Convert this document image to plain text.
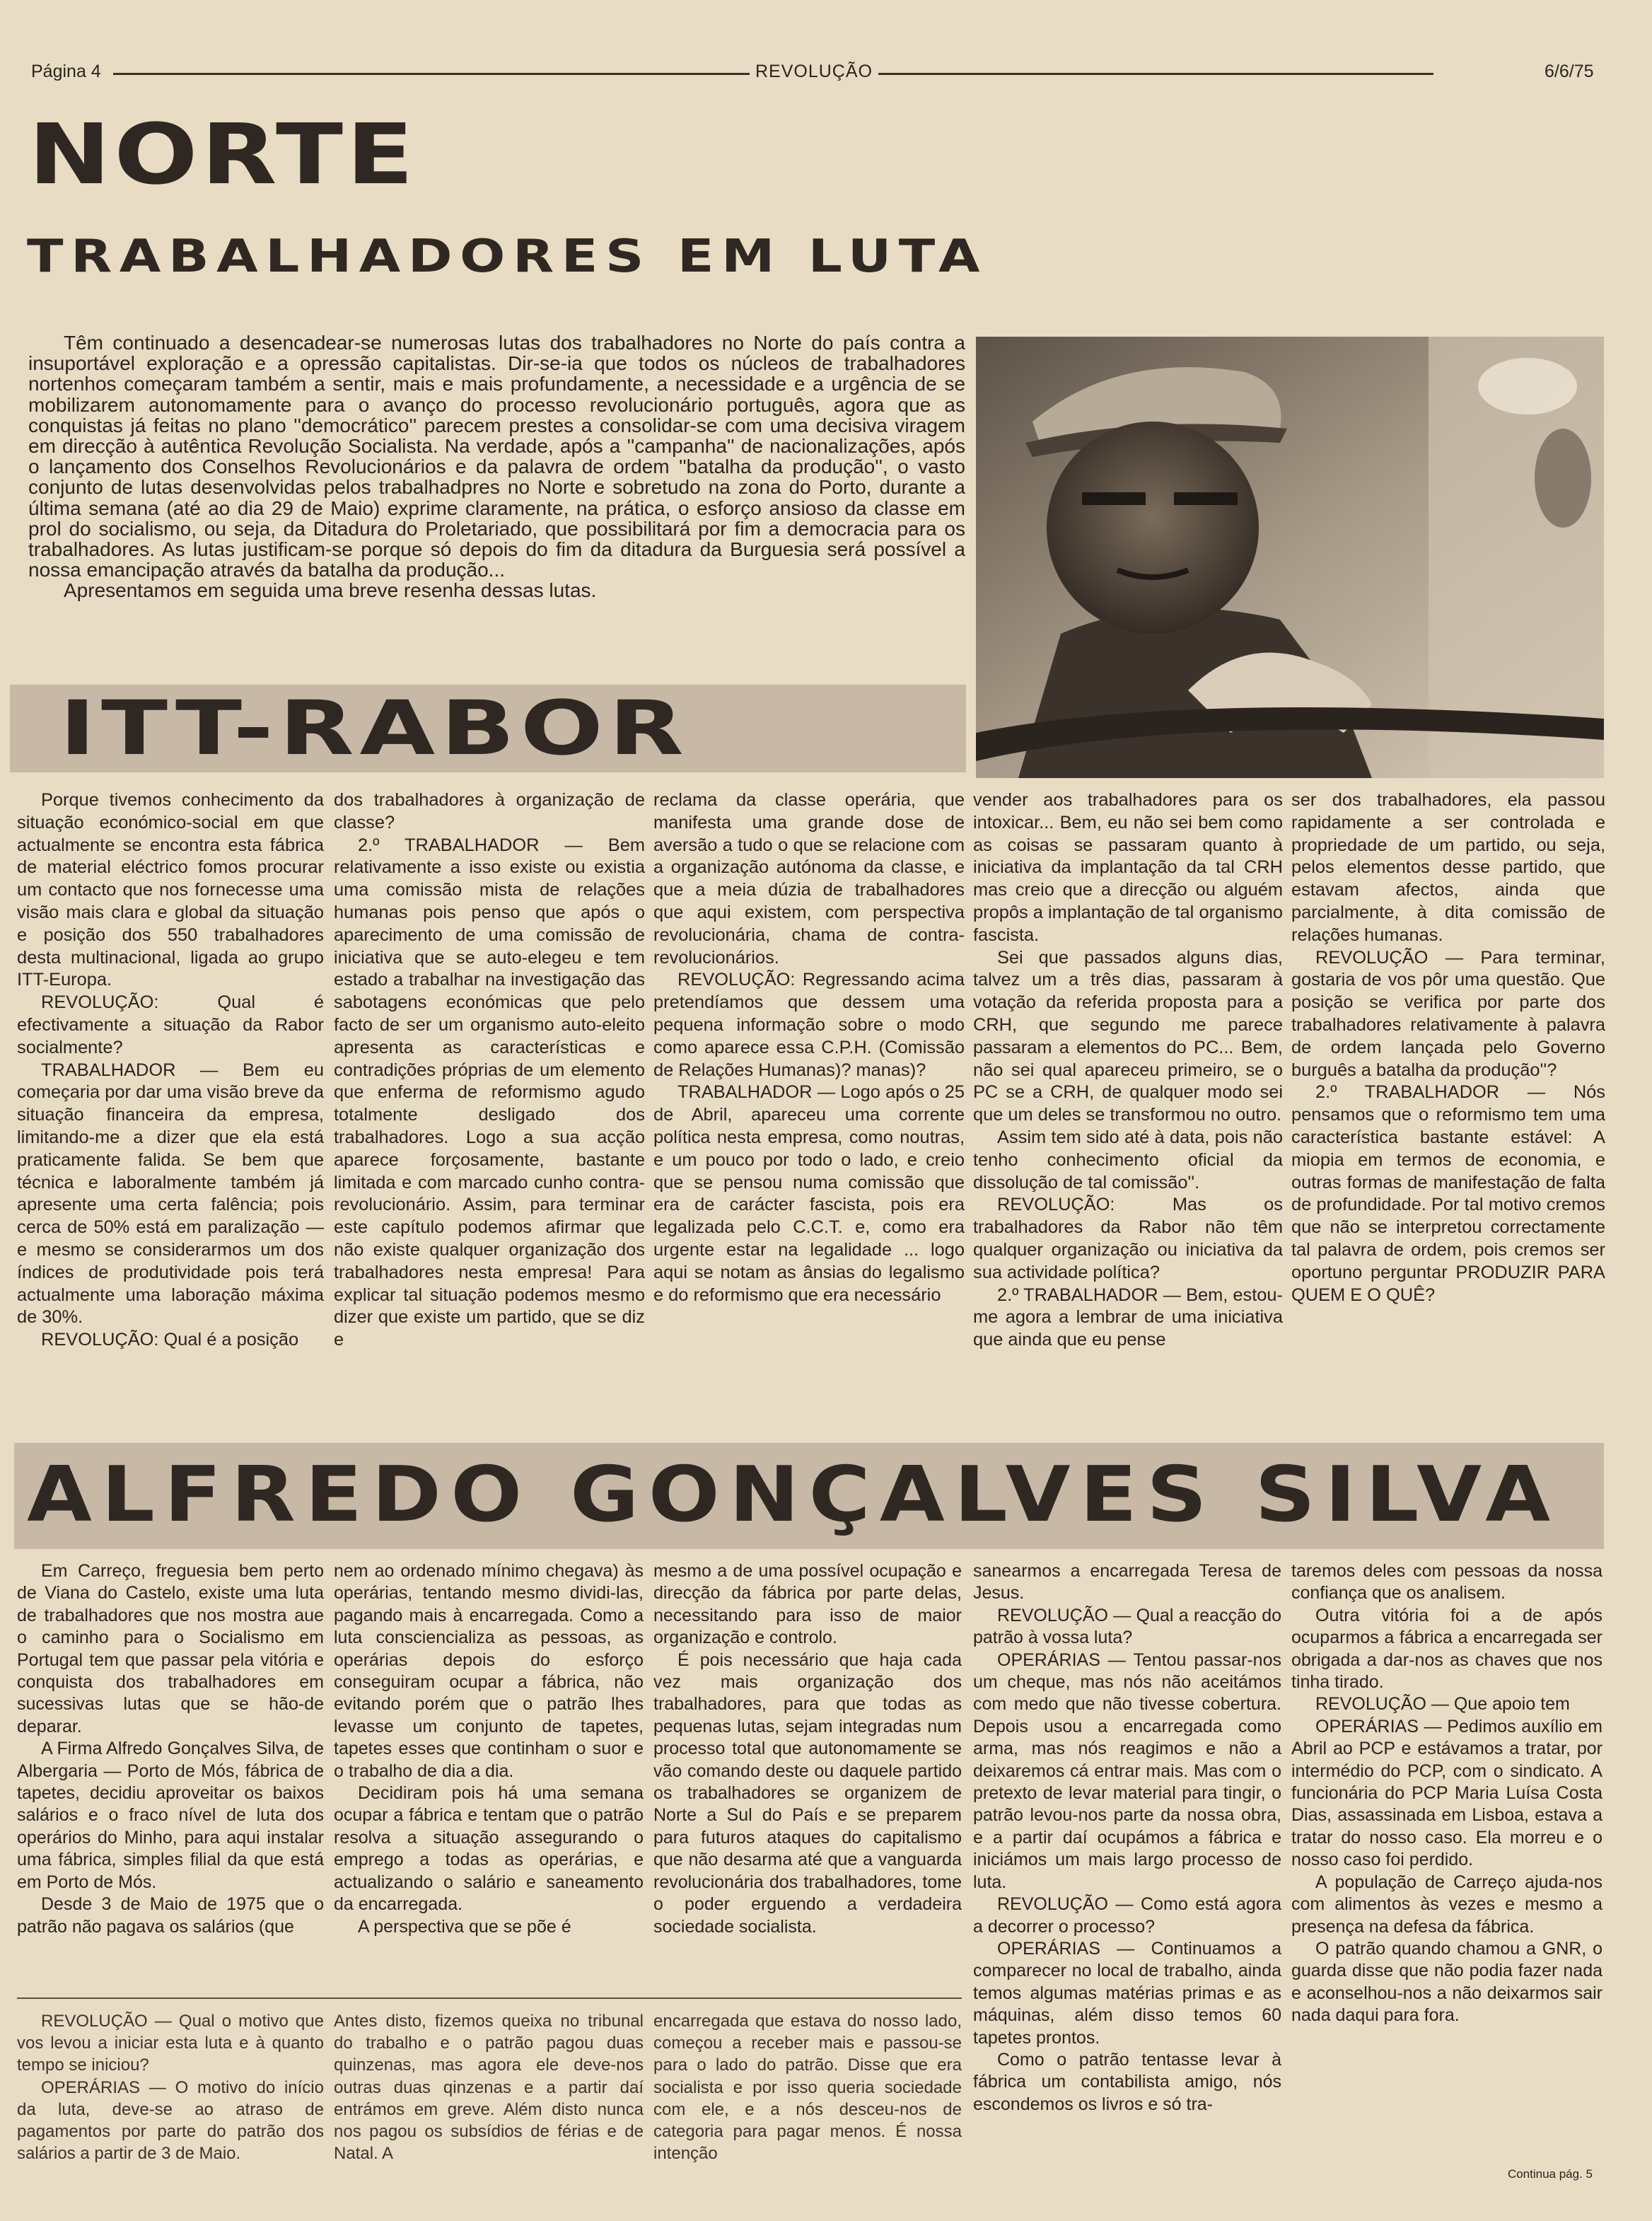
Página 4	REVOLUÇÃO	6/6/75
NORTE
TRABALHADORES EM LUTA

Têm continuado a desencadear-se numerosas lutas dos trabalhadores no Norte do país contra a insuportável exploração e a opressão capitalistas. Dir-se-ia que todos os núcleos de trabalhadores nortenhos começaram também a sentir, mais e mais profundamente, a necessidade e a urgência de se mobilizarem autonomamente para o avanço do processo revolucionário português, agora que as conquistas já feitas no plano ''democrático'' parecem prestes a consolidar-se com uma decisiva viragem em direcção à autêntica Revolução Socialista. Na verdade, após a ''campanha'' de nacionalizações, após o lançamento dos Conselhos Revolucionários e da palavra de ordem ''batalha da produção'', o vasto conjunto de lutas desenvolvidas pelos trabalhadpres no Norte e sobretudo na zona do Porto, durante a última semana (até ao dia 29 de Maio) exprime claramente, na prática, o esforço ansioso da classe em prol do socialismo, ou seja, da Ditadura do Proletariado, que possibilitará por fim a democracia para os trabalhadores. As lutas justificam-se porque só depois do fim da ditadura da Burguesia será possível a nossa emancipação através da batalha da produção...

Apresentamos em seguida uma breve resenha dessas lutas.

ITT-RABOR

Porque tivemos conhecimento da situação económico-social em que actualmente se encontra esta fábrica de material eléctrico fomos procurar um contacto que nos fornecesse uma visão mais clara e global da situação e posição dos 550 trabalhadores desta multinacional, ligada ao grupo ITT-Europa.

REVOLUÇÃO: Qual é efectivamente a situação da Rabor socialmente?

TRABALHADOR — Bem eu começaria por dar uma visão breve da situação financeira da empresa, limitando-me a dizer que ela está praticamente falida. Se bem que técnica e laboralmente também já apresente uma certa falência; pois cerca de 50% está em paralização — e mesmo se considerarmos um dos índices de produtividade pois terá actualmente uma laboração máxima de 30%.

REVOLUÇÃO: Qual é a posição

dos trabalhadores à organização de classe?

2.º TRABALHADOR — Bem relativamente a isso existe ou existia uma comissão mista de relações humanas pois penso que após o aparecimento de uma comissão de iniciativa que se auto-elegeu e tem estado a trabalhar na investigação das sabotagens económicas que pelo facto de ser um organismo auto-eleito apresenta as características e contradições próprias de um elemento que enferma de reformismo agudo totalmente desligado dos trabalhadores. Logo a sua acção aparece forçosamente, bastante limitada e com marcado cunho contra-revolucionário. Assim, para terminar este capítulo podemos afirmar que não existe qualquer organização dos trabalhadores nesta empresa! Para explicar tal situação podemos mesmo dizer que existe um partido, que se diz e

reclama da classe operária, que manifesta uma grande dose de aversão a tudo o que se relacione com a organização autónoma da classe, e que a meia dúzia de trabalhadores que aqui existem, com perspectiva revolucionária, chama de contra-revolucionários.

REVOLUÇÃO: Regressando acima pretendíamos que dessem uma pequena informação sobre o modo como aparece essa C.P.H. (Comissão de Relações Humanas)? manas)?

TRABALHADOR — Logo após o 25 de Abril, apareceu uma corrente política nesta empresa, como noutras, e um pouco por todo o lado, e creio que se pensou numa comissão que era de carácter fascista, pois era legalizada pelo C.C.T. e, como era urgente estar na legalidade ... logo aqui se notam as ânsias do legalismo e do reformismo que era necessário

vender aos trabalhadores para os intoxicar... Bem, eu não sei bem como as coisas se passaram quanto à iniciativa da implantação da tal CRH mas creio que a direcção ou alguém propôs a implantação de tal organismo fascista.

Sei que passados alguns dias, talvez um a três dias, passaram à votação da referida proposta para a CRH, que segundo me parece passaram a elementos do PC... Bem, não sei qual apareceu primeiro, se o PC se a CRH, de qualquer modo sei que um deles se transformou no outro.

Assim tem sido até à data, pois não tenho conhecimento oficial da dissolução de tal comissão''.

REVOLUÇÃO: Mas os trabalhadores da Rabor não têm qualquer organização ou iniciativa da sua actividade política?

2.º TRABALHADOR — Bem, estou-me agora a lembrar de uma iniciativa que ainda que eu pense

ser dos trabalhadores, ela passou rapidamente a ser controlada e propriedade de um partido, ou seja, pelos elementos desse partido, que estavam afectos, ainda que parcialmente, à dita comissão de relações humanas.

REVOLUÇÃO — Para terminar, gostaria de vos pôr uma questão. Que posição se verifica por parte dos trabalhadores relativamente à palavra de ordem lançada pelo Governo burguês a batalha da produção''?

2.º TRABALHADOR — Nós pensamos que o reformismo tem uma característica bastante estável: A miopia em termos de economia, e outras formas de manifestação de falta de profundidade. Por tal motivo cremos que não se interpretou correctamente tal palavra de ordem, pois cremos ser oportuno perguntar PRODUZIR PARA QUEM E O QUÊ?

ALFREDO GONÇALVES SILVA

Em Carreço, freguesia bem perto de Viana do Castelo, existe uma luta de trabalhadores que nos mostra aue o caminho para o Socialismo em Portugal tem que passar pela vitória e conquista dos trabalhadores em sucessivas lutas que se hão-de deparar.

A Firma Alfredo Gonçalves Silva, de Albergaria — Porto de Mós, fábrica de tapetes, decidiu aproveitar os baixos salários e o fraco nível de luta dos operários do Minho, para aqui instalar uma fábrica, simples filial da que está em Porto de Mós.

Desde 3 de Maio de 1975 que o patrão não pagava os salários (que

nem ao ordenado mínimo chegava) às operárias, tentando mesmo dividi-las, pagando mais à encarregada. Como a luta consciencializa as pessoas, as operárias depois do esforço conseguiram ocupar a fábrica, não evitando porém que o patrão lhes levasse um conjunto de tapetes, tapetes esses que continham o suor e o trabalho de dia a dia.

Decidiram pois há uma semana ocupar a fábrica e tentam que o patrão resolva a situação assegurando o emprego a todas as operárias, e actualizando o salário e saneamento da encarregada.

A perspectiva que se põe é

mesmo a de uma possível ocupação e direcção da fábrica por parte delas, necessitando para isso de maior organização e controlo.

É pois necessário que haja cada vez mais organização dos trabalhadores, para que todas as pequenas lutas, sejam integradas num processo total que autonomamente se vão comando deste ou daquele partido os trabalhadores se organizem de Norte a Sul do País e se preparem para futuros ataques do capitalismo que não desarma até que a vanguarda revolucionária dos trabalhadores, tome o poder erguendo a verdadeira sociedade socialista.

sanearmos a encarregada Teresa de Jesus.

REVOLUÇÃO — Qual a reacção do patrão à vossa luta?

OPERÁRIAS — Tentou passar-nos um cheque, mas nós não aceitámos com medo que não tivesse cobertura. Depois usou a encarregada como arma, mas nós reagimos e não a deixaremos cá entrar mais. Mas com o pretexto de levar material para tingir, o patrão levou-nos parte da nossa obra, e a partir daí ocupámos a fábrica e iniciámos um mais largo processo de luta.

REVOLUÇÃO — Como está agora a decorrer o processo?

OPERÁRIAS — Continuamos a comparecer no local de trabalho, ainda temos algumas matérias primas e as máquinas, além disso temos 60 tapetes prontos.

Como o patrão tentasse levar à fábrica um contabilista amigo, nós escondemos os livros e só tra-

taremos deles com pessoas da nossa confiança que os analisem.

Outra vitória foi a de após ocuparmos a fábrica a encarregada ser obrigada a dar-nos as chaves que nos tinha tirado.

REVOLUÇÃO — Que apoio tem

OPERÁRIAS — Pedimos auxílio em Abril ao PCP e estávamos a tratar, por intermédio do PCP, com o sindicato. A funcionária do PCP Maria Luísa Costa Dias, assassinada em Lisboa, estava a tratar do nosso caso. Ela morreu e o nosso caso foi perdido.

A população de Carreço ajuda-nos com alimentos às vezes e mesmo a presença na defesa da fábrica.

O patrão quando chamou a GNR, o guarda disse que não podia fazer nada e aconselhou-nos a não deixarmos sair nada daqui para fora.

REVOLUÇÃO — Qual o motivo que vos levou a iniciar esta luta e à quanto tempo se iniciou?

OPERÁRIAS — O motivo do início da luta, deve-se ao atraso de pagamentos por parte do patrão dos salários a partir de 3 de Maio.

Antes disto, fizemos queixa no tribunal do trabalho e o patrão pagou duas quinzenas, mas agora ele deve-nos outras duas qinzenas e a partir daí entrámos em greve. Além disto nunca nos pagou os subsídios de férias e de Natal. A

encarregada que estava do nosso lado, começou a receber mais e passou-se para o lado do patrão. Disse que era socialista e por isso queria sociedade com ele, e a nós desceu-nos de categoria para pagar menos. É nossa intenção

Continua pág. 5
